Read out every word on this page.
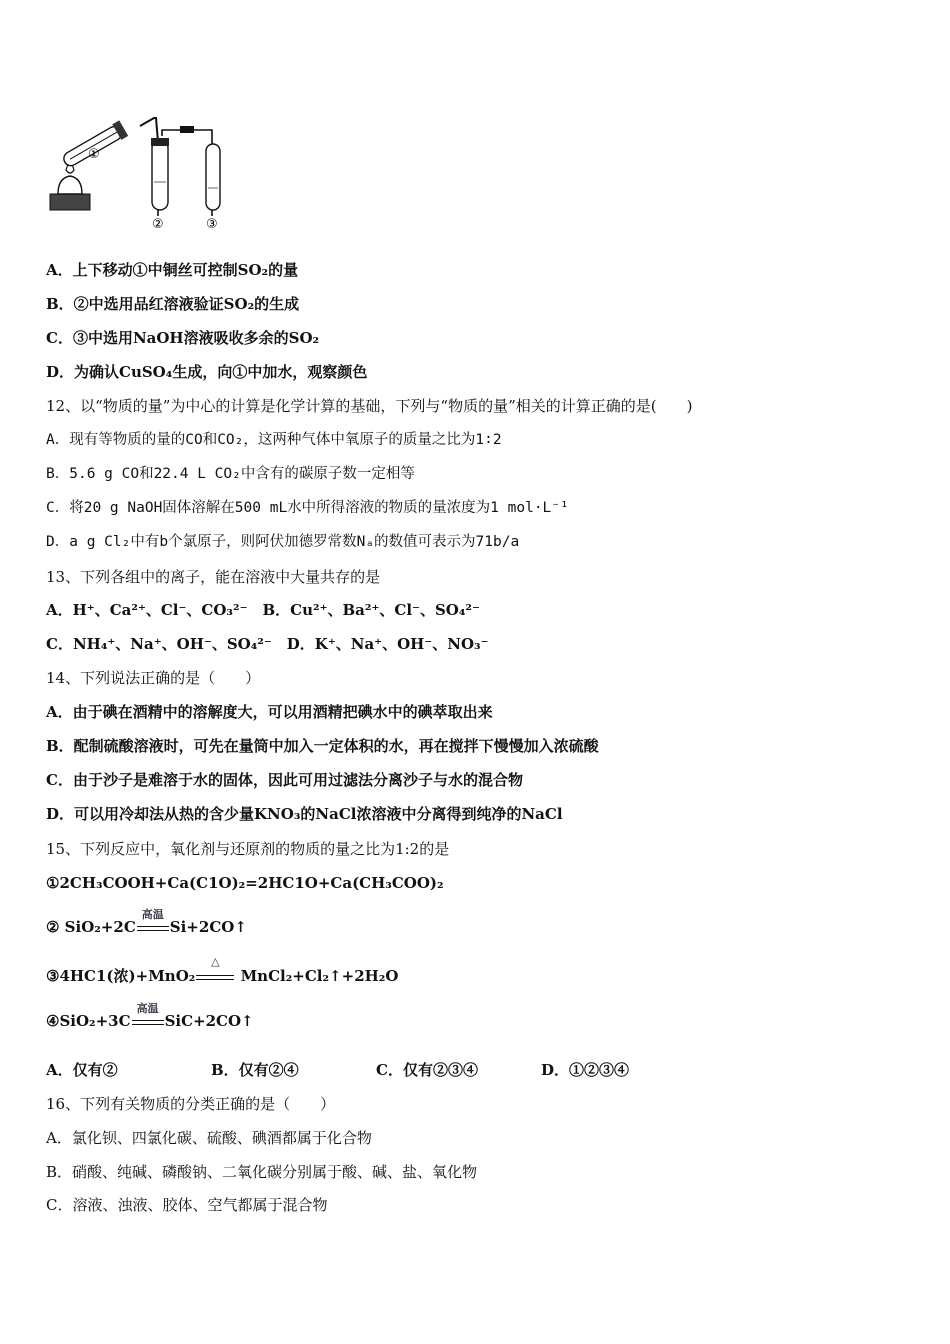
①
②	③
A．上下移动①中铜丝可控制SO₂的量
B．②中选用品红溶液验证SO₂的生成
C．③中选用NaOH溶液吸收多余的SO₂
D．为确认CuSO₄生成，向①中加水，观察颜色
12、以“物质的量”为中心的计算是化学计算的基础，下列与“物质的量”相关的计算正确的是(　　)
A．现有等物质的量的CO和CO₂，这两种气体中氧原子的质量之比为1∶2
B．5.6 g CO和22.4 L CO₂中含有的碳原子数一定相等
C．将20 g NaOH固体溶解在500 mL水中所得溶液的物质的量浓度为1 mol·L⁻¹
D．a g Cl₂中有b个氯原子，则阿伏加德罗常数Nₐ的数值可表示为71b/a
13、下列各组中的离子，能在溶液中大量共存的是
A．H⁺、Ca²⁺、Cl⁻、CO₃²⁻　B．Cu²⁺、Ba²⁺、Cl⁻、SO₄²⁻
C．NH₄⁺、Na⁺、OH⁻、SO₄²⁻　D．K⁺、Na⁺、OH⁻、NO₃⁻
14、下列说法正确的是（　　）
A．由于碘在酒精中的溶解度大，可以用酒精把碘水中的碘萃取出来
B．配制硫酸溶液时，可先在量筒中加入一定体积的水，再在搅拌下慢慢加入浓硫酸
C．由于沙子是难溶于水的固体，因此可用过滤法分离沙子与水的混合物
D．可以用冷却法从热的含少量KNO₃的NaCl浓溶液中分离得到纯净的NaCl
15、下列反应中，氧化剂与还原剂的物质的量之比为1:2的是
①2CH₃COOH+Ca(C1O)₂=2HC1O+Ca(CH₃COO)₂
② SiO₂+2C
高温
Si+2CO↑
③4HC1(浓)+MnO₂
△
MnCl₂+Cl₂↑+2H₂O
④SiO₂+3C
高温
SiC+2CO↑
A．仅有②	B．仅有②④	C．仅有②③④	D．①②③④
16、下列有关物质的分类正确的是（　　）
A．氯化钡、四氯化碳、硫酸、碘酒都属于化合物
B．硝酸、纯碱、磷酸钠、二氧化碳分别属于酸、碱、盐、氧化物
C．溶液、浊液、胶体、空气都属于混合物
